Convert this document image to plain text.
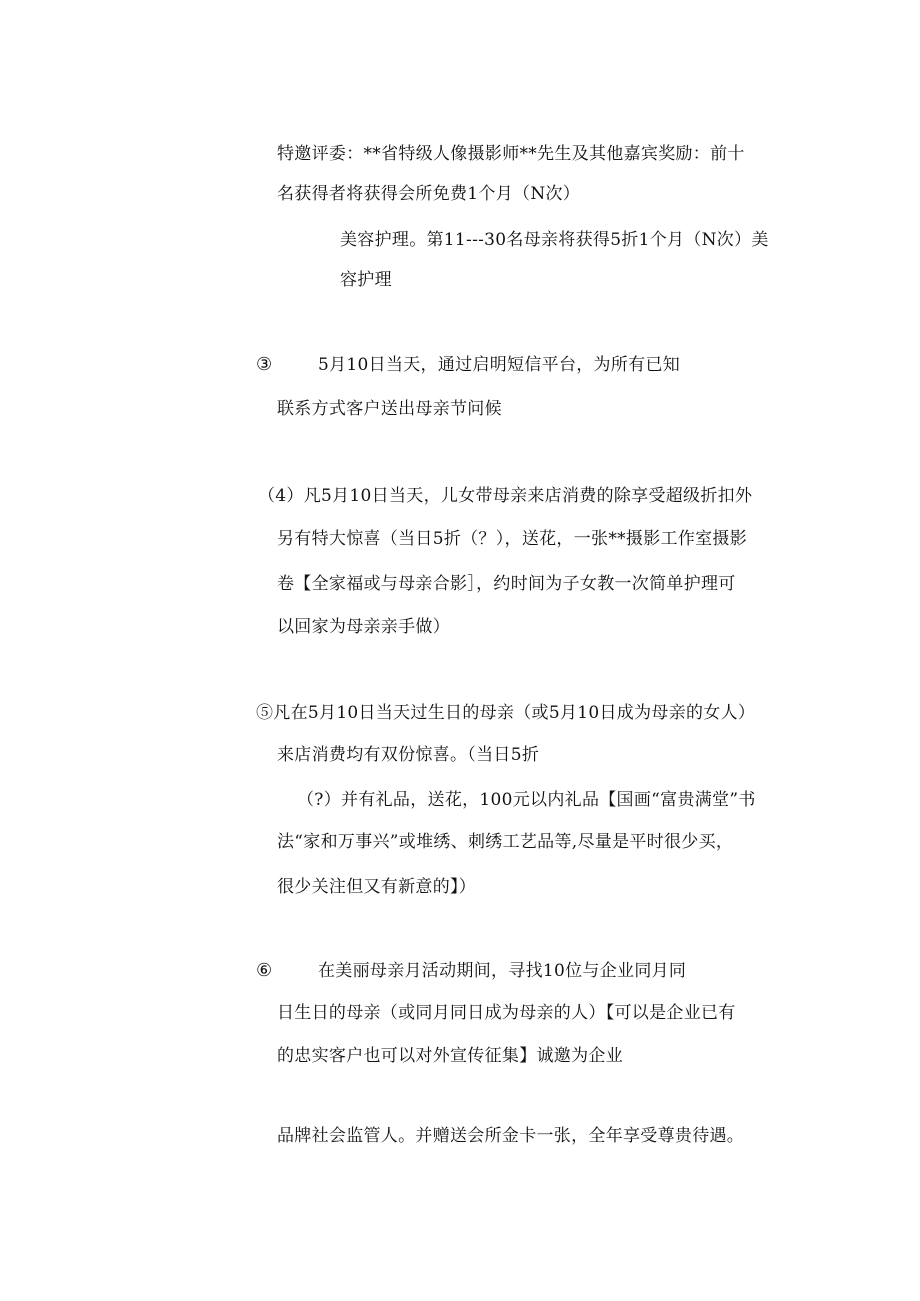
特邀评委：**省特级人像摄影师**先生及其他嘉宾奖励：前十
名获得者将获得会所免费1个月（N次）
美容护理。第11---30名母亲将获得5折1个月（N次）美
容护理
③	5月10日当天，通过启明短信平台，为所有已知
联系方式客户送出母亲节问候
（4）凡5月10日当天，儿女带母亲来店消费的除享受超级折扣外
另有特大惊喜（当日5折（？），送花，一张**摄影工作室摄影
卷【全家福或与母亲合影］，约时间为子女教一次简单护理可
以回家为母亲亲手做）
⑤凡在5月10日当天过生日的母亲（或5月10日成为母亲的女人）
来店消费均有双份惊喜。（当日5折
（?）并有礼品，送花，100元以内礼品【国画“富贵满堂”书
法“家和万事兴”或堆绣、刺绣工艺品等,尽量是平时很少买，
很少关注但又有新意的】）
⑥	在美丽母亲月活动期间，寻找10位与企业同月同
日生日的母亲（或同月同日成为母亲的人）【可以是企业已有
的忠实客户也可以对外宣传征集】诚邀为企业
品牌社会监管人。并赠送会所金卡一张，全年享受尊贵待遇。
